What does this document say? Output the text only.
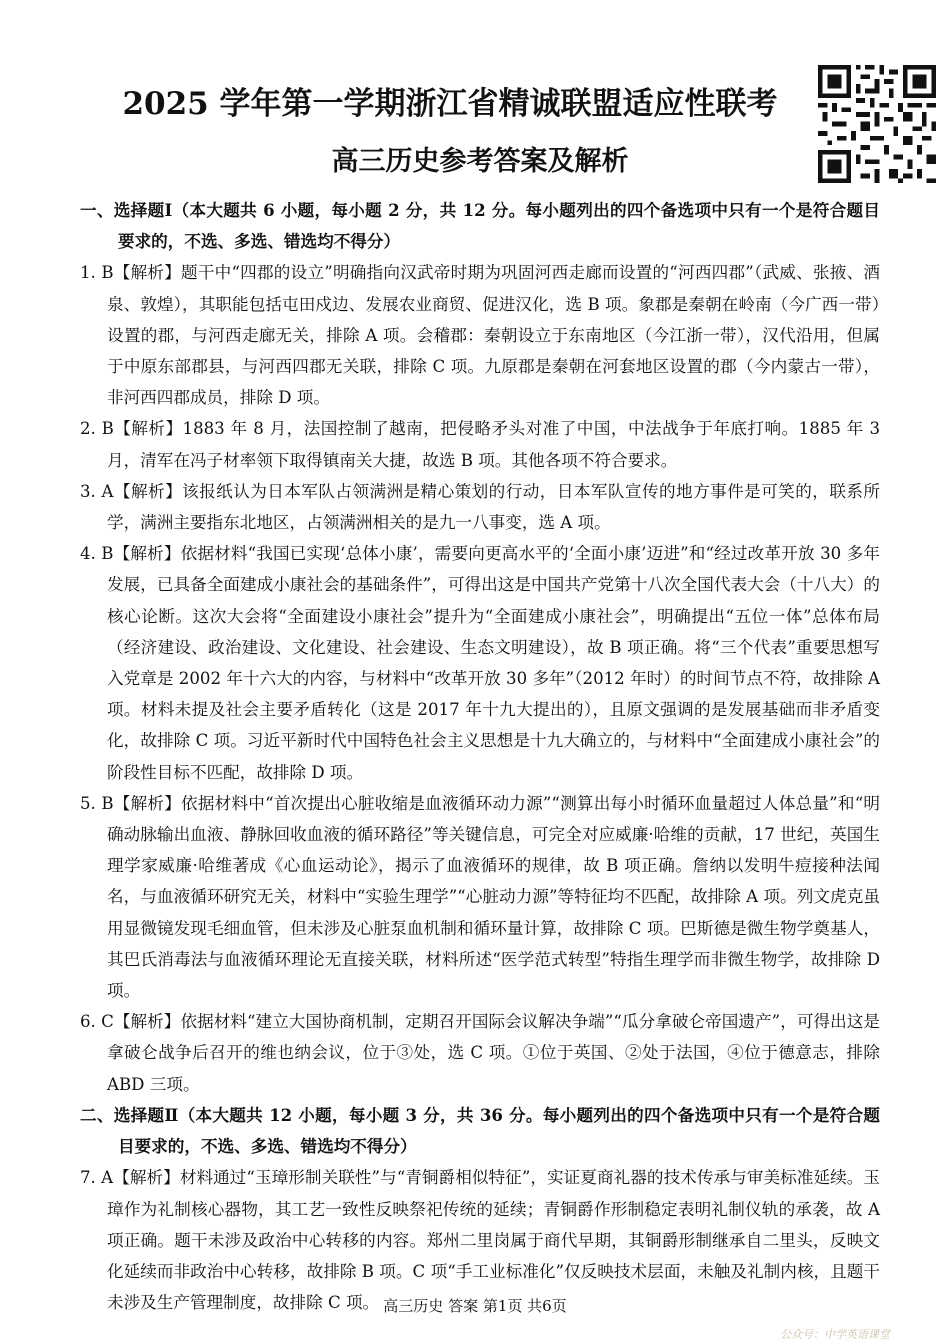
2025 学年第一学期浙江省精诚联盟适应性联考
高三历史参考答案及解析
一、选择题Ⅰ（本大题共 6 小题，每小题 2 分，共 12 分。每小题列出的四个备选项中只有一个是符合题目要求的，不选、多选、错选均不得分）
1. B【解析】题干中“四郡的设立”明确指向汉武帝时期为巩固河西走廊而设置的“河西四郡”（武威、张掖、酒泉、敦煌），其职能包括屯田戍边、发展农业商贸、促进汉化，选 B 项。象郡是秦朝在岭南（今广西一带）设置的郡，与河西走廊无关，排除 A 项。会稽郡：秦朝设立于东南地区（今江浙一带），汉代沿用，但属于中原东部郡县，与河西四郡无关联，排除 C 项。九原郡是秦朝在河套地区设置的郡（今内蒙古一带），非河西四郡成员，排除 D 项。
2. B【解析】1883 年 8 月，法国控制了越南，把侵略矛头对准了中国，中法战争于年底打响。1885 年 3 月，清军在冯子材率领下取得镇南关大捷，故选 B 项。其他各项不符合要求。
3. A【解析】该报纸认为日本军队占领满洲是精心策划的行动，日本军队宣传的地方事件是可笑的，联系所学，满洲主要指东北地区，占领满洲相关的是九一八事变，选 A 项。
4. B【解析】依据材料“我国已实现‘总体小康’，需要向更高水平的‘全面小康’迈进”和“经过改革开放 30 多年发展，已具备全面建成小康社会的基础条件”，可得出这是中国共产党第十八次全国代表大会（十八大）的核心论断。这次大会将“全面建设小康社会”提升为“全面建成小康社会”，明确提出“五位一体”总体布局（经济建设、政治建设、文化建设、社会建设、生态文明建设），故 B 项正确。将“三个代表”重要思想写入党章是 2002 年十六大的内容，与材料中“改革开放 30 多年”（2012 年时）的时间节点不符，故排除 A 项。材料未提及社会主要矛盾转化（这是 2017 年十九大提出的），且原文强调的是发展基础而非矛盾变化，故排除 C 项。习近平新时代中国特色社会主义思想是十九大确立的，与材料中“全面建成小康社会”的阶段性目标不匹配，故排除 D 项。
5. B【解析】依据材料中“首次提出心脏收缩是血液循环动力源”“测算出每小时循环血量超过人体总量”和“明确动脉输出血液、静脉回收血液的循环路径”等关键信息，可完全对应威廉·哈维的贡献，17 世纪，英国生理学家威廉·哈维著成《心血运动论》，揭示了血液循环的规律，故 B 项正确。詹纳以发明牛痘接种法闻名，与血液循环研究无关，材料中“实验生理学”“心脏动力源”等特征均不匹配，故排除 A 项。列文虎克虽用显微镜发现毛细血管，但未涉及心脏泵血机制和循环量计算，故排除 C 项。巴斯德是微生物学奠基人，其巴氏消毒法与血液循环理论无直接关联，材料所述“医学范式转型”特指生理学而非微生物学，故排除 D 项。
6. C【解析】依据材料“建立大国协商机制，定期召开国际会议解决争端”“瓜分拿破仑帝国遗产”，可得出这是拿破仑战争后召开的维也纳会议，位于③处，选 C 项。①位于英国、②处于法国，④位于德意志，排除 ABD 三项。
二、选择题Ⅱ（本大题共 12 小题，每小题 3 分，共 36 分。每小题列出的四个备选项中只有一个是符合题目要求的，不选、多选、错选均不得分）
7. A【解析】材料通过“玉璋形制关联性”与“青铜爵相似特征”，实证夏商礼器的技术传承与审美标准延续。玉璋作为礼制核心器物，其工艺一致性反映祭祀传统的延续；青铜爵作形制稳定表明礼制仪轨的承袭，故 A 项正确。题干未涉及政治中心转移的内容。郑州二里岗属于商代早期，其铜爵形制继承自二里头，反映文化延续而非政治中心转移，故排除 B 项。C 项“手工业标准化”仅反映技术层面，未触及礼制内核，且题干未涉及生产管理制度，故排除 C 项。 高三历史 答案 第1页 共6页
公众号：中学英语课堂
